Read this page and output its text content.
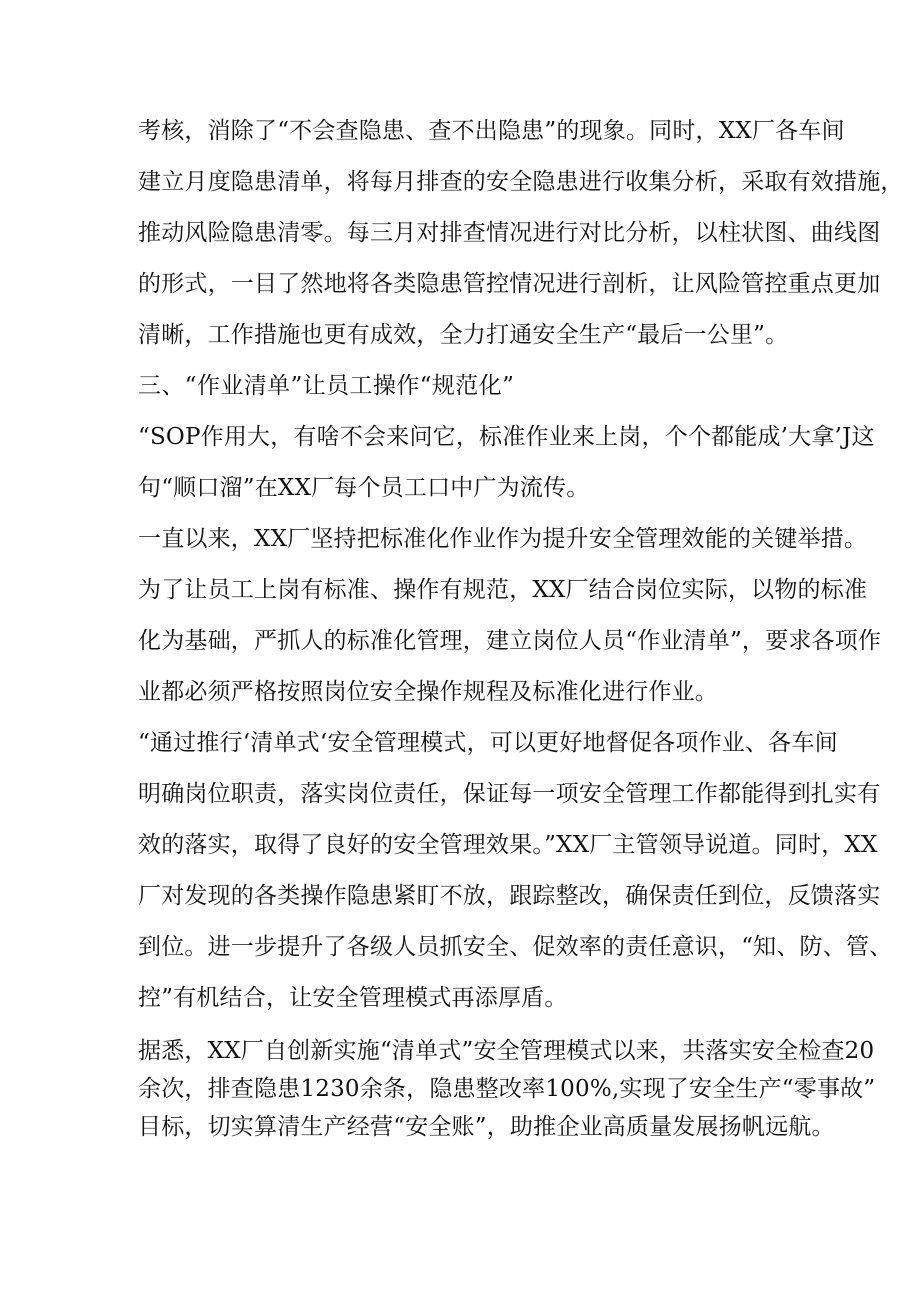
考核，消除了“不会查隐患、查不出隐患”的现象。同时，XX厂各车间

建立月度隐患清单，将每月排查的安全隐患进行收集分析，采取有效措施，

推动风险隐患清零。每三月对排查情况进行对比分析，以柱状图、曲线图

的形式，一目了然地将各类隐患管控情况进行剖析，让风险管控重点更加

清晰，工作措施也更有成效，全力打通安全生产“最后一公里”。

三、“作业清单”让员工操作“规范化”

“SOP作用大，有啥不会来问它，标准作业来上岗，个个都能成’大拿’J这

句“顺口溜”在XX厂每个员工口中广为流传。

一直以来，XX厂坚持把标准化作业作为提升安全管理效能的关键举措。

为了让员工上岗有标准、操作有规范，XX厂结合岗位实际，以物的标准

化为基础，严抓人的标准化管理，建立岗位人员“作业清单”，要求各项作

业都必须严格按照岗位安全操作规程及标准化进行作业。

“通过推行‘清单式‘安全管理模式，可以更好地督促各项作业、各车间

明确岗位职责，落实岗位责任，保证每一项安全管理工作都能得到扎实有

效的落实，取得了良好的安全管理效果。”XX厂主管领导说道。同时，XX

厂对发现的各类操作隐患紧盯不放，跟踪整改，确保责任到位，反馈落实

到位。进一步提升了各级人员抓安全、促效率的责任意识，“知、防、管、

控”有机结合，让安全管理模式再添厚盾。

据悉，XX厂自创新实施“清单式”安全管理模式以来，共落实安全检查20

余次，排查隐患1230余条，隐患整改率100%,实现了安全生产“零事故”

目标，切实算清生产经营“安全账”，助推企业高质量发展扬帆远航。
